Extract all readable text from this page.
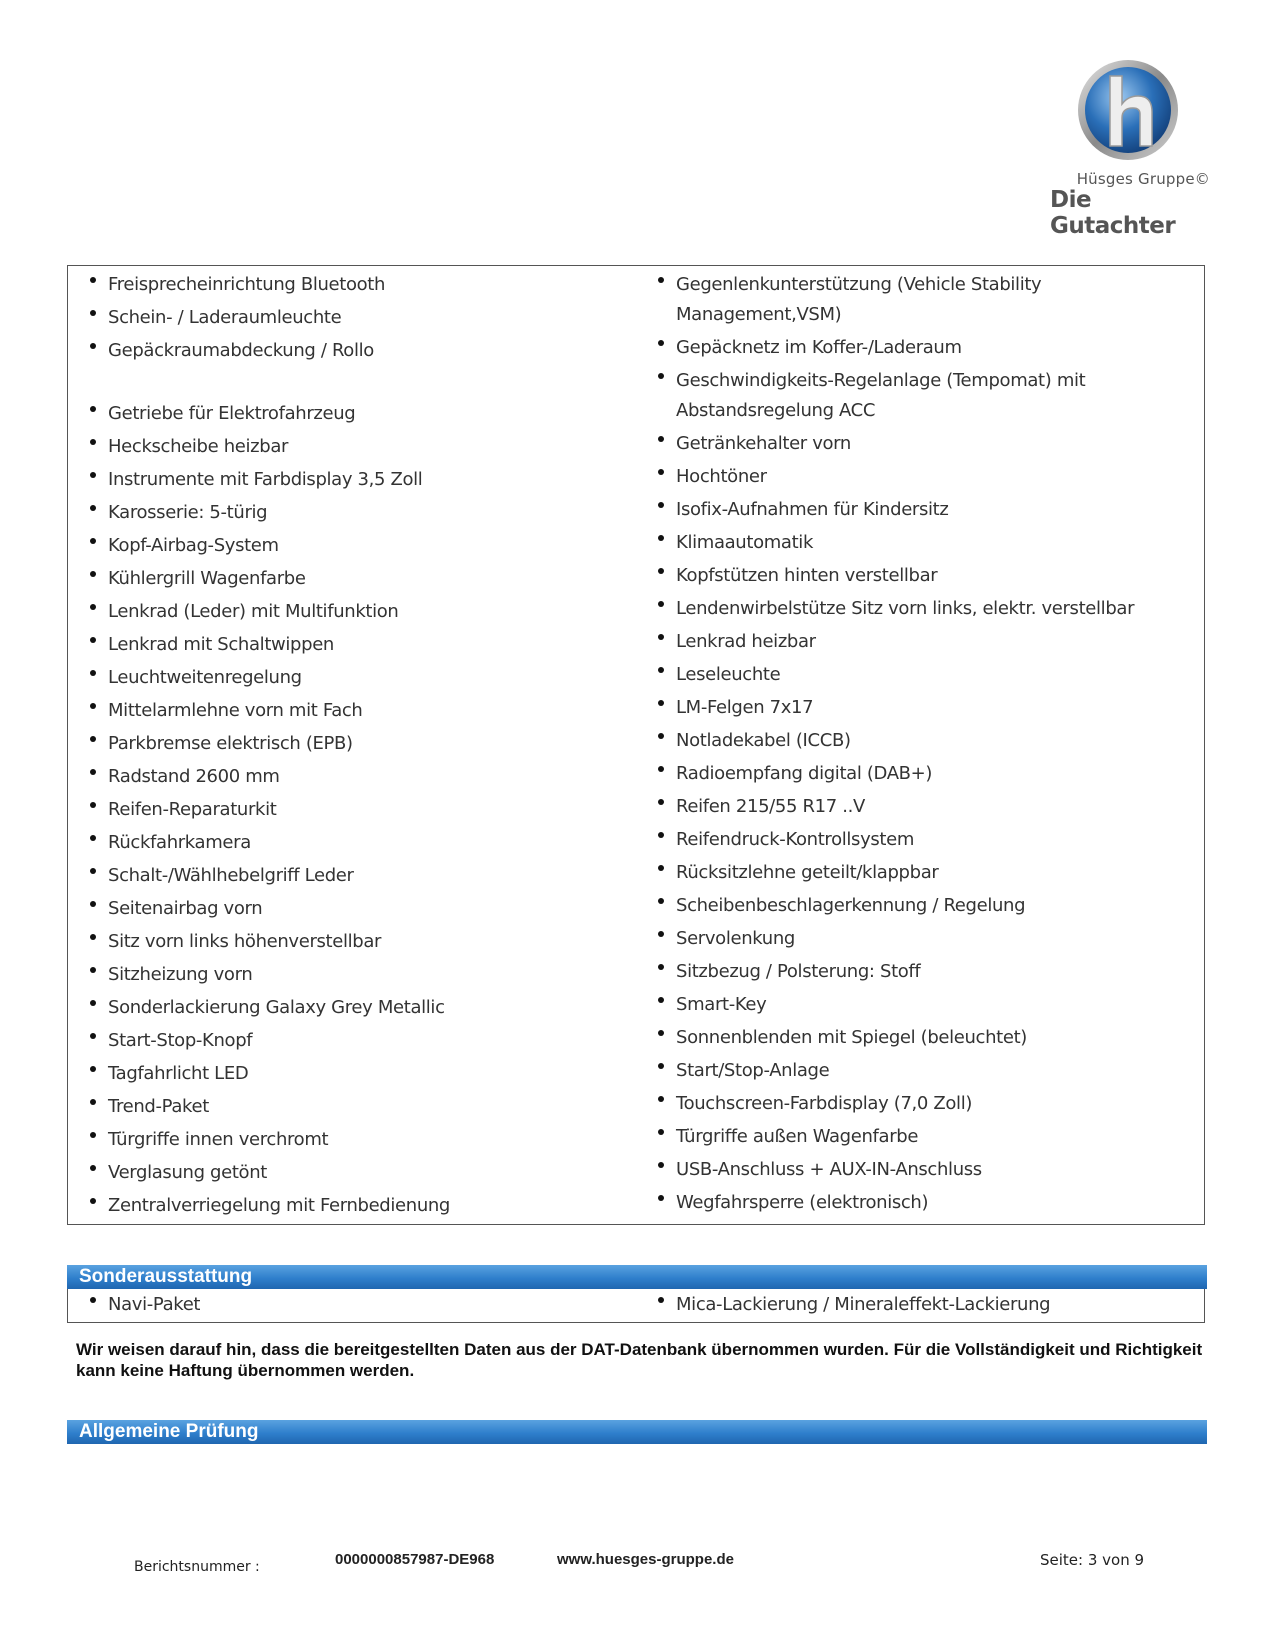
Hüsges Gruppe©
Die Gutachter
Freisprecheinrichtung Bluetooth
Schein- / Laderaumleuchte
Gepäckraumabdeckung / Rollo
Getriebe für Elektrofahrzeug
Heckscheibe heizbar
Instrumente mit Farbdisplay 3,5 Zoll
Karosserie: 5-türig
Kopf-Airbag-System
Kühlergrill Wagenfarbe
Lenkrad (Leder) mit Multifunktion
Lenkrad mit Schaltwippen
Leuchtweitenregelung
Mittelarmlehne vorn mit Fach
Parkbremse elektrisch (EPB)
Radstand 2600 mm
Reifen-Reparaturkit
Rückfahrkamera
Schalt-/Wählhebelgriff Leder
Seitenairbag vorn
Sitz vorn links höhenverstellbar
Sitzheizung vorn
Sonderlackierung Galaxy Grey Metallic
Start-Stop-Knopf
Tagfahrlicht LED
Trend-Paket
Türgriffe innen verchromt
Verglasung getönt
Zentralverriegelung mit Fernbedienung
Gegenlenkunterstützung (Vehicle Stability Management,VSM)
Gepäcknetz im Koffer-/Laderaum
Geschwindigkeits-Regelanlage (Tempomat) mit Abstandsregelung ACC
Getränkehalter vorn
Hochtöner
Isofix-Aufnahmen für Kindersitz
Klimaautomatik
Kopfstützen hinten verstellbar
Lendenwirbelstütze Sitz vorn links, elektr. verstellbar
Lenkrad heizbar
Leseleuchte
LM-Felgen 7x17
Notladekabel (ICCB)
Radioempfang digital (DAB+)
Reifen 215/55 R17 ..V
Reifendruck-Kontrollsystem
Rücksitzlehne geteilt/klappbar
Scheibenbeschlagerkennung / Regelung
Servolenkung
Sitzbezug / Polsterung: Stoff
Smart-Key
Sonnenblenden mit Spiegel (beleuchtet)
Start/Stop-Anlage
Touchscreen-Farbdisplay (7,0 Zoll)
Türgriffe außen Wagenfarbe
USB-Anschluss + AUX-IN-Anschluss
Wegfahrsperre (elektronisch)
Sonderausstattung
Navi-Paket	Mica-Lackierung / Mineraleffekt-Lackierung
Wir weisen darauf hin, dass die bereitgestellten Daten aus der DAT-Datenbank übernommen wurden. Für die Vollständigkeit und Richtigkeit kann keine Haftung übernommen werden.
Allgemeine Prüfung
Berichtsnummer :	0000000857987-DE968	www.huesges-gruppe.de	Seite: 3 von 9
